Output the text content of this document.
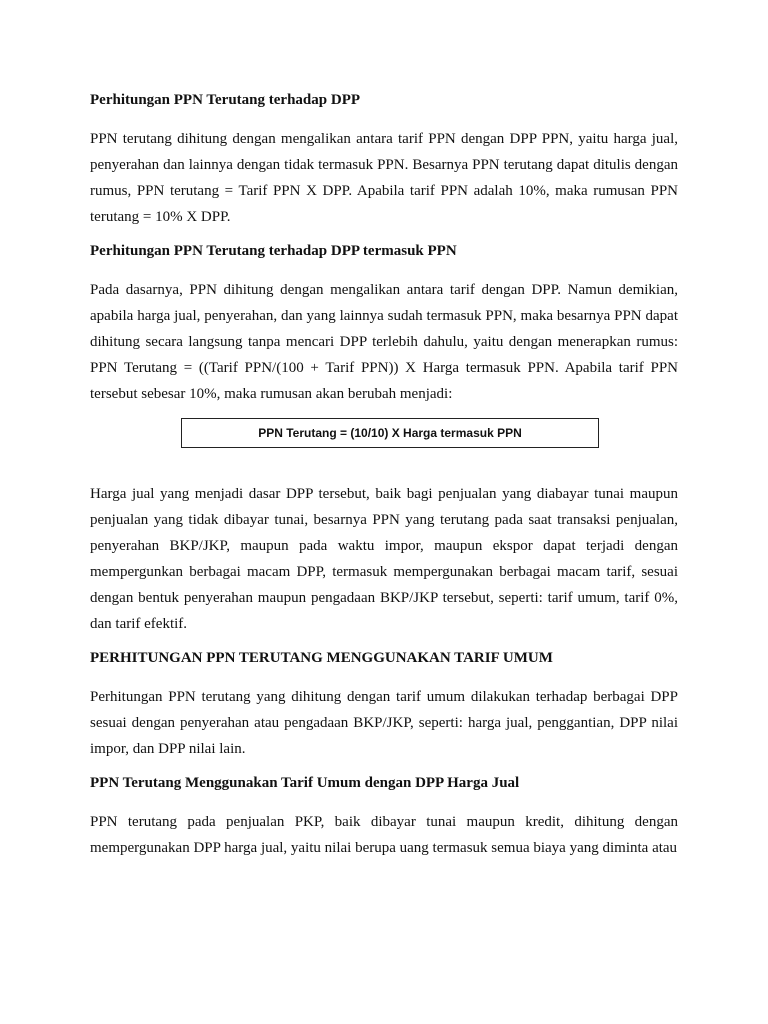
Perhitungan PPN Terutang terhadap DPP

PPN terutang dihitung dengan mengalikan antara tarif PPN dengan DPP PPN, yaitu harga jual, penyerahan dan lainnya dengan tidak termasuk PPN. Besarnya PPN terutang dapat ditulis dengan rumus, PPN terutang = Tarif PPN X DPP. Apabila tarif PPN adalah 10%, maka rumusan PPN terutang = 10% X DPP.

Perhitungan PPN Terutang terhadap DPP termasuk PPN

Pada dasarnya, PPN dihitung dengan mengalikan antara tarif dengan DPP. Namun demikian, apabila harga jual, penyerahan, dan yang lainnya sudah termasuk PPN, maka besarnya PPN dapat dihitung secara langsung tanpa mencari DPP terlebih dahulu, yaitu dengan menerapkan rumus: PPN Terutang = ((Tarif PPN/(100 + Tarif PPN)) X Harga termasuk PPN. Apabila tarif PPN tersebut sebesar 10%, maka rumusan akan berubah menjadi:

PPN Terutang = (10/10) X Harga termasuk PPN

Harga jual yang menjadi dasar DPP tersebut, baik bagi penjualan yang diabayar tunai maupun penjualan yang tidak dibayar tunai, besarnya PPN yang terutang pada saat transaksi penjualan, penyerahan BKP/JKP, maupun pada waktu impor, maupun ekspor dapat terjadi dengan mempergunkan berbagai macam DPP, termasuk mempergunakan berbagai macam tarif, sesuai dengan bentuk penyerahan maupun pengadaan BKP/JKP tersebut, seperti: tarif umum, tarif 0%, dan tarif efektif.

PERHITUNGAN PPN TERUTANG MENGGUNAKAN TARIF UMUM

Perhitungan PPN terutang yang dihitung dengan tarif umum dilakukan terhadap berbagai DPP sesuai dengan penyerahan atau pengadaan BKP/JKP, seperti: harga jual, penggantian, DPP nilai impor, dan DPP nilai lain.

PPN Terutang Menggunakan Tarif Umum dengan DPP Harga Jual

PPN terutang pada penjualan PKP, baik dibayar tunai maupun kredit, dihitung dengan mempergunakan DPP harga jual, yaitu nilai berupa uang termasuk semua biaya yang diminta atau
